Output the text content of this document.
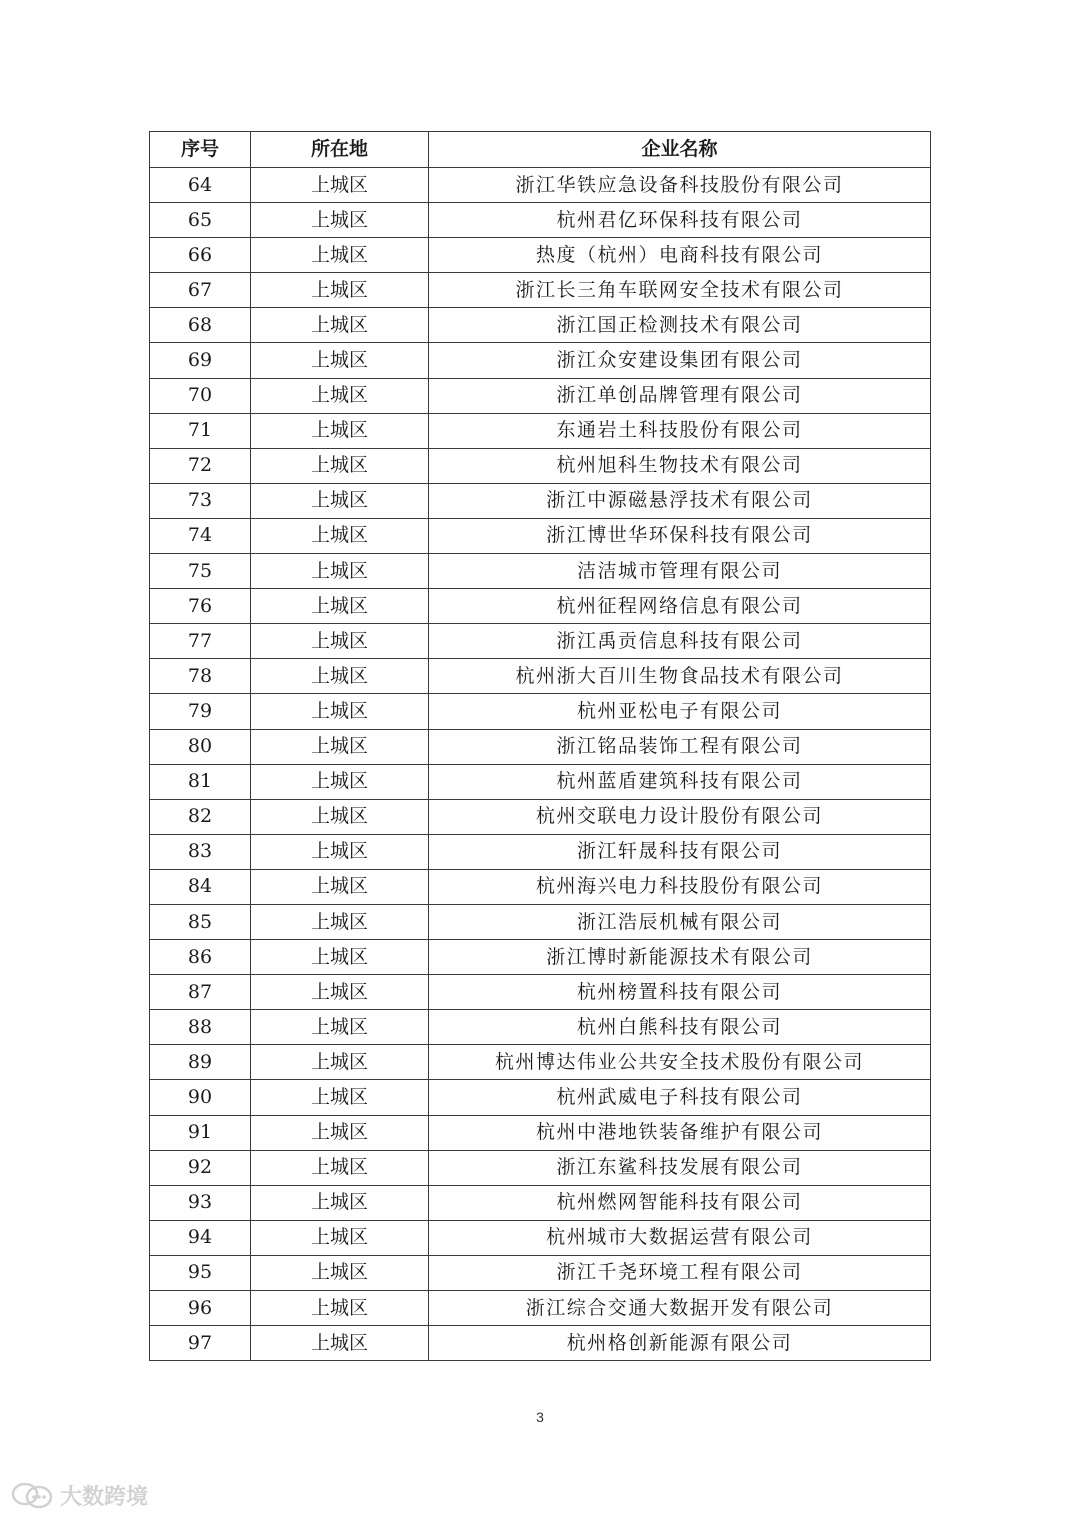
序号	所在地	企业名称
64	上城区	浙江华铁应急设备科技股份有限公司
65	上城区	杭州君亿环保科技有限公司
66	上城区	热度（杭州）电商科技有限公司
67	上城区	浙江长三角车联网安全技术有限公司
68	上城区	浙江国正检测技术有限公司
69	上城区	浙江众安建设集团有限公司
70	上城区	浙江单创品牌管理有限公司
71	上城区	东通岩土科技股份有限公司
72	上城区	杭州旭科生物技术有限公司
73	上城区	浙江中源磁悬浮技术有限公司
74	上城区	浙江博世华环保科技有限公司
75	上城区	洁洁城市管理有限公司
76	上城区	杭州征程网络信息有限公司
77	上城区	浙江禹贡信息科技有限公司
78	上城区	杭州浙大百川生物食品技术有限公司
79	上城区	杭州亚松电子有限公司
80	上城区	浙江铭品装饰工程有限公司
81	上城区	杭州蓝盾建筑科技有限公司
82	上城区	杭州交联电力设计股份有限公司
83	上城区	浙江轩晟科技有限公司
84	上城区	杭州海兴电力科技股份有限公司
85	上城区	浙江浩辰机械有限公司
86	上城区	浙江博时新能源技术有限公司
87	上城区	杭州榜置科技有限公司
88	上城区	杭州白熊科技有限公司
89	上城区	杭州博达伟业公共安全技术股份有限公司
90	上城区	杭州武威电子科技有限公司
91	上城区	杭州中港地铁装备维护有限公司
92	上城区	浙江东鲨科技发展有限公司
93	上城区	杭州燃网智能科技有限公司
94	上城区	杭州城市大数据运营有限公司
95	上城区	浙江千尧环境工程有限公司
96	上城区	浙江综合交通大数据开发有限公司
97	上城区	杭州格创新能源有限公司
3
大数跨境
